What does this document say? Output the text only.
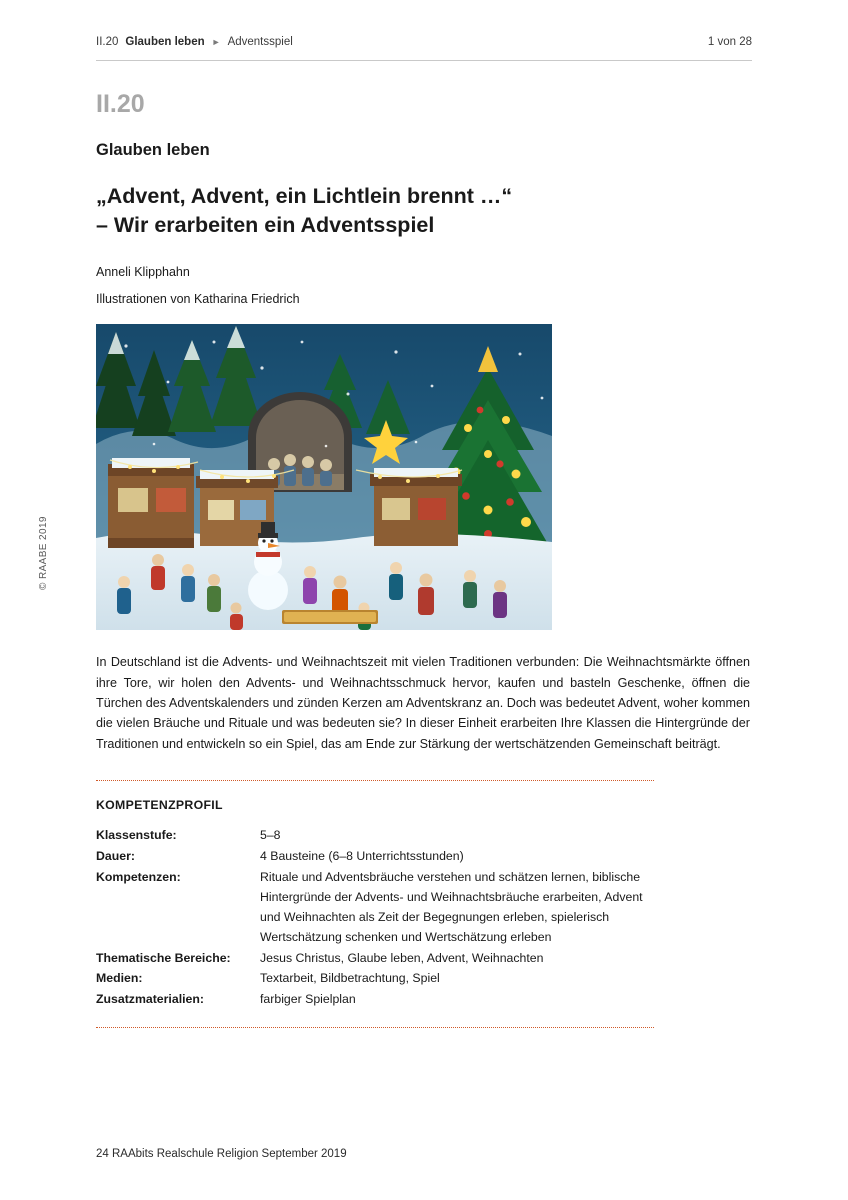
II.20 Glauben leben ► Adventsspiel	1 von 28
© RAABE 2019
II.20
Glauben leben
„Advent, Advent, ein Lichtlein brennt …“
– Wir erarbeiten ein Adventsspiel
Anneli Klipphahn
Illustrationen von Katharina Friedrich

In Deutschland ist die Advents- und Weihnachtszeit mit vielen Traditionen verbunden: Die Weihnachtsmärkte öffnen ihre Tore, wir holen den Advents- und Weihnachtsschmuck hervor, kaufen und basteln Geschenke, öffnen die Türchen des Adventskalenders und zünden Kerzen am Adventskranz an. Doch was bedeutet Advent, woher kommen die vielen Bräuche und Rituale und was bedeuten sie? In dieser Einheit erarbeiten Ihre Klassen die Hintergründe der Traditionen und entwickeln so ein Spiel, das am Ende zur Stärkung der wertschätzenden Gemeinschaft beiträgt.

KOMPETENZPROFIL
Klassenstufe:	5–8
Dauer:	4 Bausteine (6–8 Unterrichtsstunden)
Kompetenzen:	Rituale und Adventsbräuche verstehen und schätzen lernen, biblische Hintergründe der Advents- und Weihnachtsbräuche erarbeiten, Advent und Weihnachten als Zeit der Begegnungen erleben, spielerisch Wertschätzung schenken und Wertschätzung erleben
Thematische Bereiche:	Jesus Christus, Glaube leben, Advent, Weihnachten
Medien:	Textarbeit, Bildbetrachtung, Spiel
Zusatzmaterialien:	farbiger Spielplan
24 RAAbits Realschule Religion September 2019
